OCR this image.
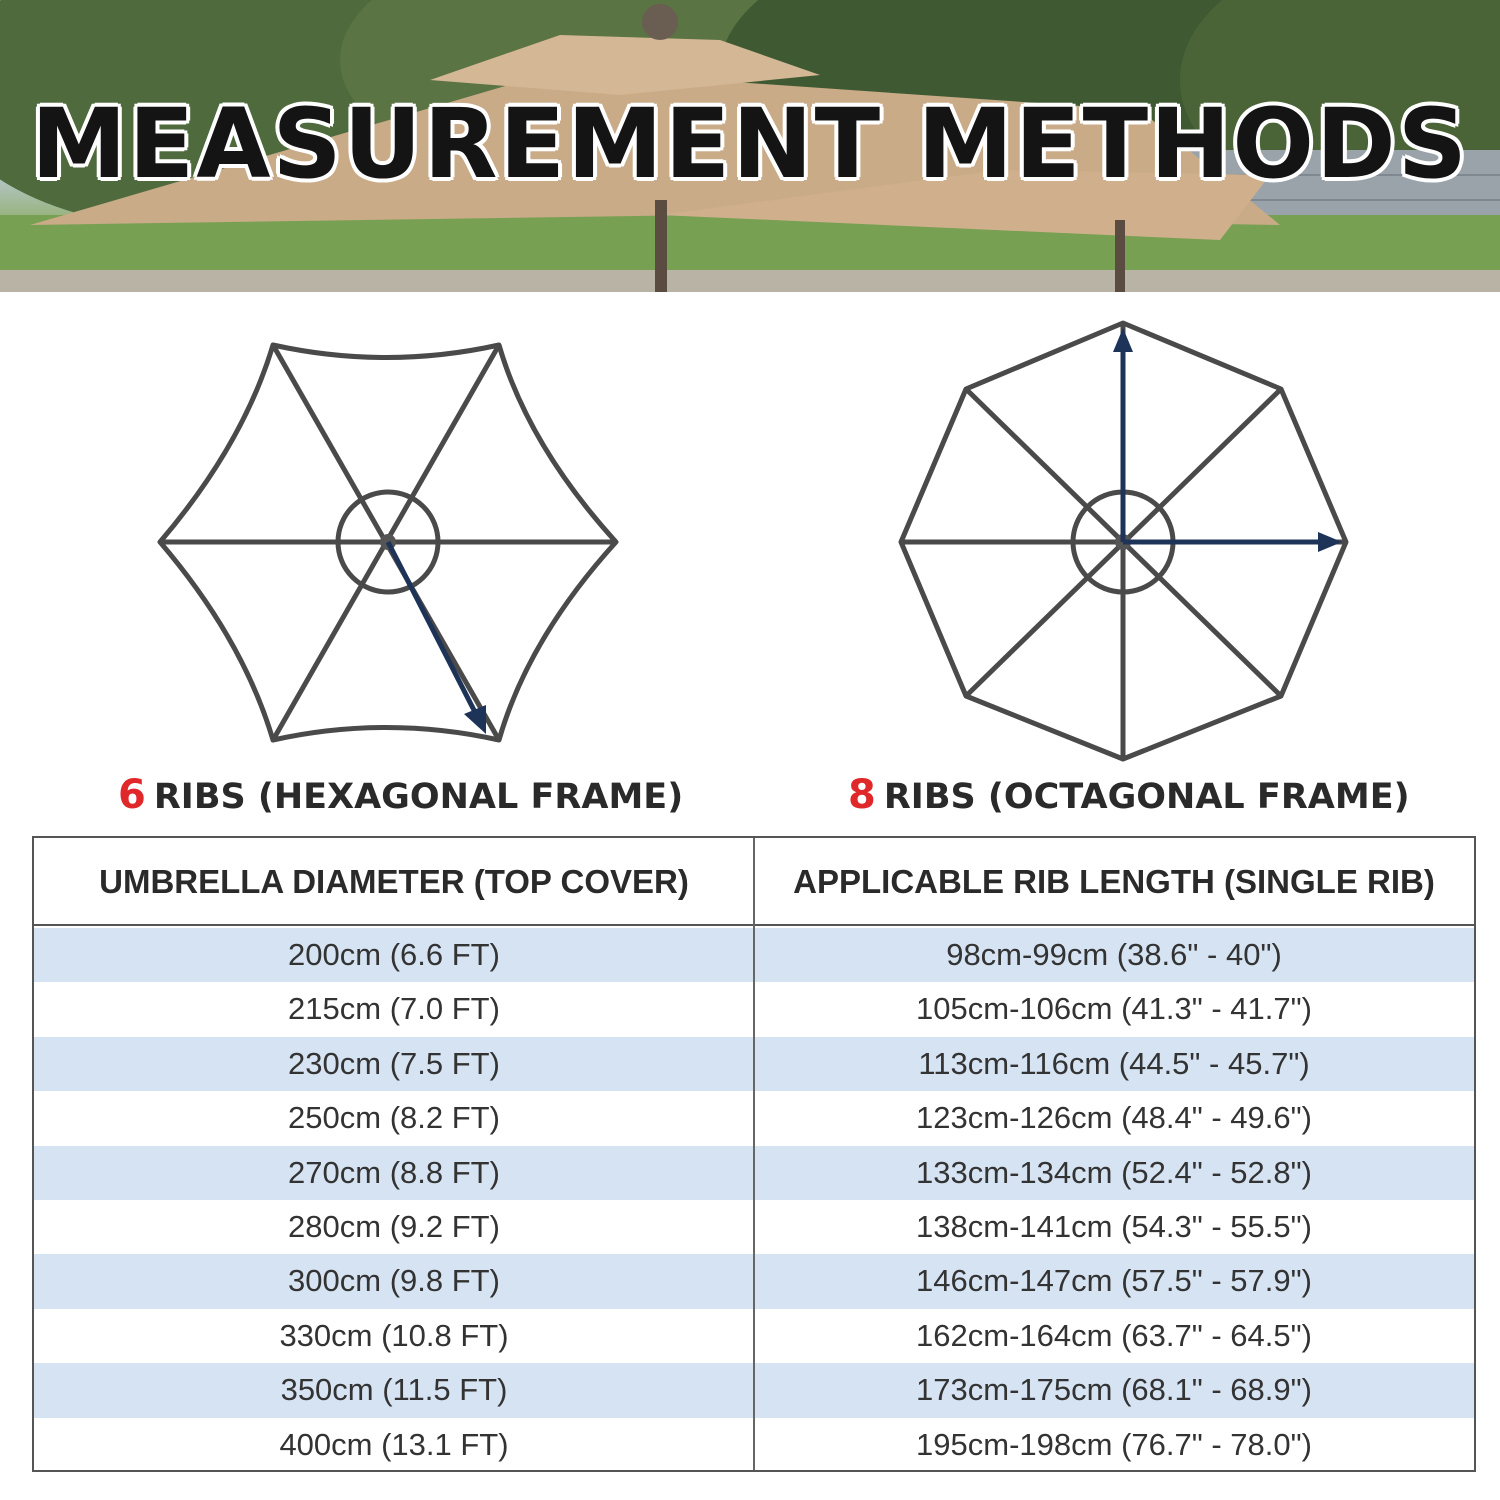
MEASUREMENT METHODS
6 RIBS (HEXAGONAL FRAME)	8 RIBS (OCTAGONAL FRAME)
UMBRELLA DIAMETER (TOP COVER)	APPLICABLE RIB LENGTH (SINGLE RIB)
200cm (6.6 FT)	98cm-99cm (38.6" - 40")
215cm (7.0 FT)	105cm-106cm (41.3" - 41.7")
230cm (7.5 FT)	113cm-116cm (44.5" - 45.7")
250cm (8.2 FT)	123cm-126cm (48.4" - 49.6")
270cm (8.8 FT)	133cm-134cm (52.4" - 52.8")
280cm (9.2 FT)	138cm-141cm (54.3" - 55.5")
300cm (9.8 FT)	146cm-147cm (57.5" - 57.9")
330cm (10.8 FT)	162cm-164cm (63.7" - 64.5")
350cm (11.5 FT)	173cm-175cm (68.1" - 68.9")
400cm (13.1 FT)	195cm-198cm (76.7" - 78.0")
